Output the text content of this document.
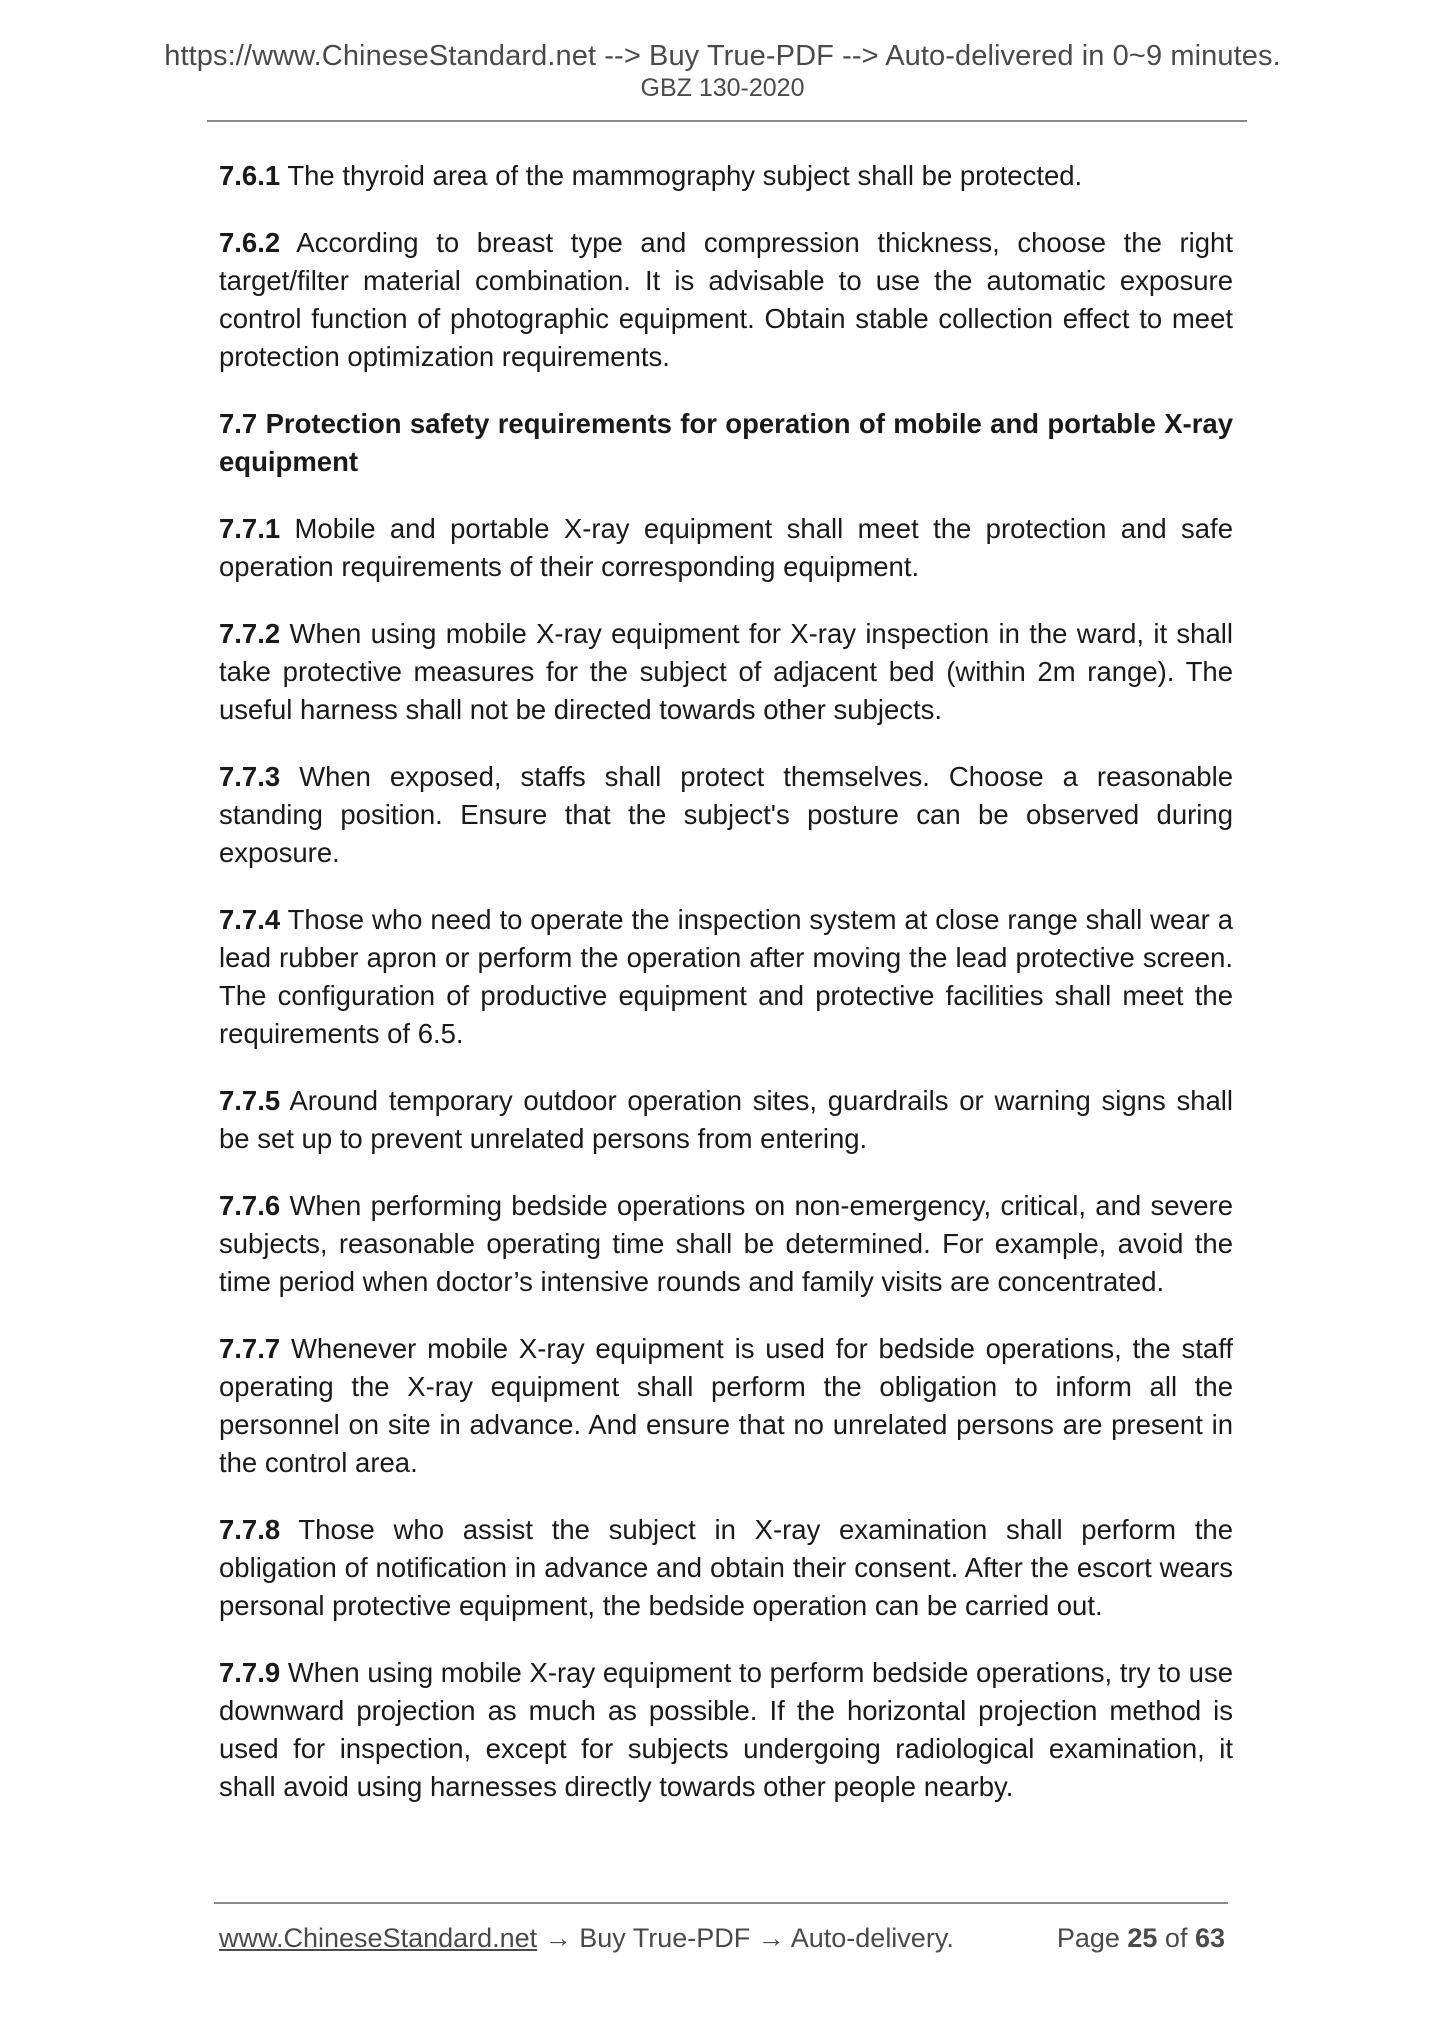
https://www.ChineseStandard.net --> Buy True-PDF --> Auto-delivered in 0~9 minutes.
GBZ 130-2020

7.6.1 The thyroid area of the mammography subject shall be protected.

7.6.2 According to breast type and compression thickness, choose the right target/filter material combination. It is advisable to use the automatic exposure control function of photographic equipment. Obtain stable collection effect to meet protection optimization requirements.

7.7 Protection safety requirements for operation of mobile and portable X-ray equipment

7.7.1 Mobile and portable X-ray equipment shall meet the protection and safe operation requirements of their corresponding equipment.

7.7.2 When using mobile X-ray equipment for X-ray inspection in the ward, it shall take protective measures for the subject of adjacent bed (within 2m range). The useful harness shall not be directed towards other subjects.

7.7.3 When exposed, staffs shall protect themselves. Choose a reasonable standing position. Ensure that the subject's posture can be observed during exposure.

7.7.4 Those who need to operate the inspection system at close range shall wear a lead rubber apron or perform the operation after moving the lead protective screen. The configuration of productive equipment and protective facilities shall meet the requirements of 6.5.

7.7.5 Around temporary outdoor operation sites, guardrails or warning signs shall be set up to prevent unrelated persons from entering.

7.7.6 When performing bedside operations on non-emergency, critical, and severe subjects, reasonable operating time shall be determined. For example, avoid the time period when doctor’s intensive rounds and family visits are concentrated.

7.7.7 Whenever mobile X-ray equipment is used for bedside operations, the staff operating the X-ray equipment shall perform the obligation to inform all the personnel on site in advance. And ensure that no unrelated persons are present in the control area.

7.7.8 Those who assist the subject in X-ray examination shall perform the obligation of notification in advance and obtain their consent. After the escort wears personal protective equipment, the bedside operation can be carried out.

7.7.9 When using mobile X-ray equipment to perform bedside operations, try to use downward projection as much as possible. If the horizontal projection method is used for inspection, except for subjects undergoing radiological examination, it shall avoid using harnesses directly towards other people nearby.

www.ChineseStandard.net → Buy True-PDF → Auto-delivery.	Page 25 of 63
